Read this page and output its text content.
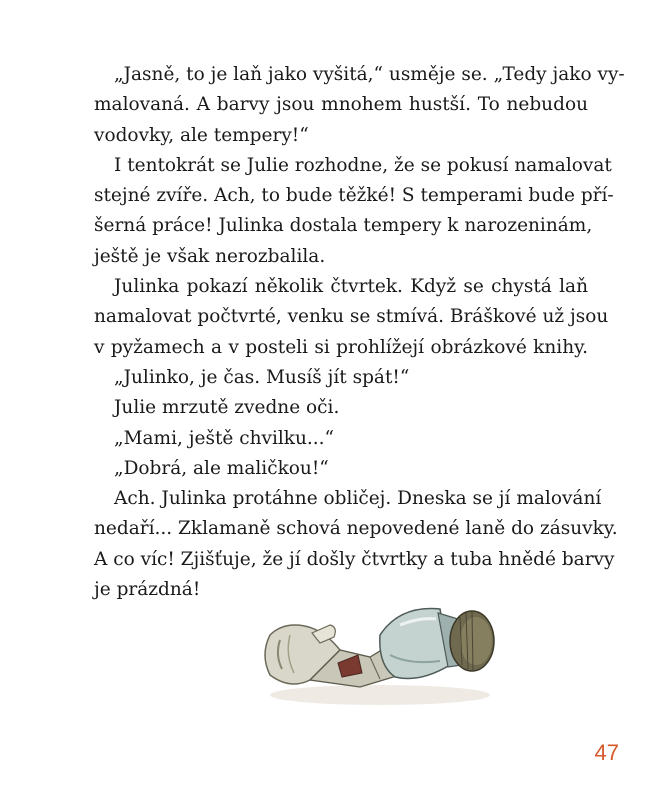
„Jasně, to je laň jako vyšitá,“ usměje se. „Tedy jako vy-
malovaná. A barvy jsou mnohem hustší. To nebudou
vodovky, ale tempery!“
I tentokrát se Julie rozhodne, že se pokusí namalovat
stejné zvíře. Ach, to bude těžké! S temperami bude pří-
šerná práce! Julinka dostala tempery k narozeninám,
ještě je však nerozbalila.
Julinka pokazí několik čtvrtek. Když se chystá laň
namalovat počtvrté, venku se stmívá. Bráškové už jsou
v pyžamech a v posteli si prohlížejí obrázkové knihy.
„Julinko, je čas. Musíš jít spát!“
Julie mrzutě zvedne oči.
„Mami, ještě chvilku...“
„Dobrá, ale maličkou!“
Ach. Julinka protáhne obličej. Dneska se jí malování
nedaří... Zklamaně schová nepovedené laně do zásuvky.
A co víc! Zjišťuje, že jí došly čtvrtky a tuba hnědé barvy
je prázdná!
47
